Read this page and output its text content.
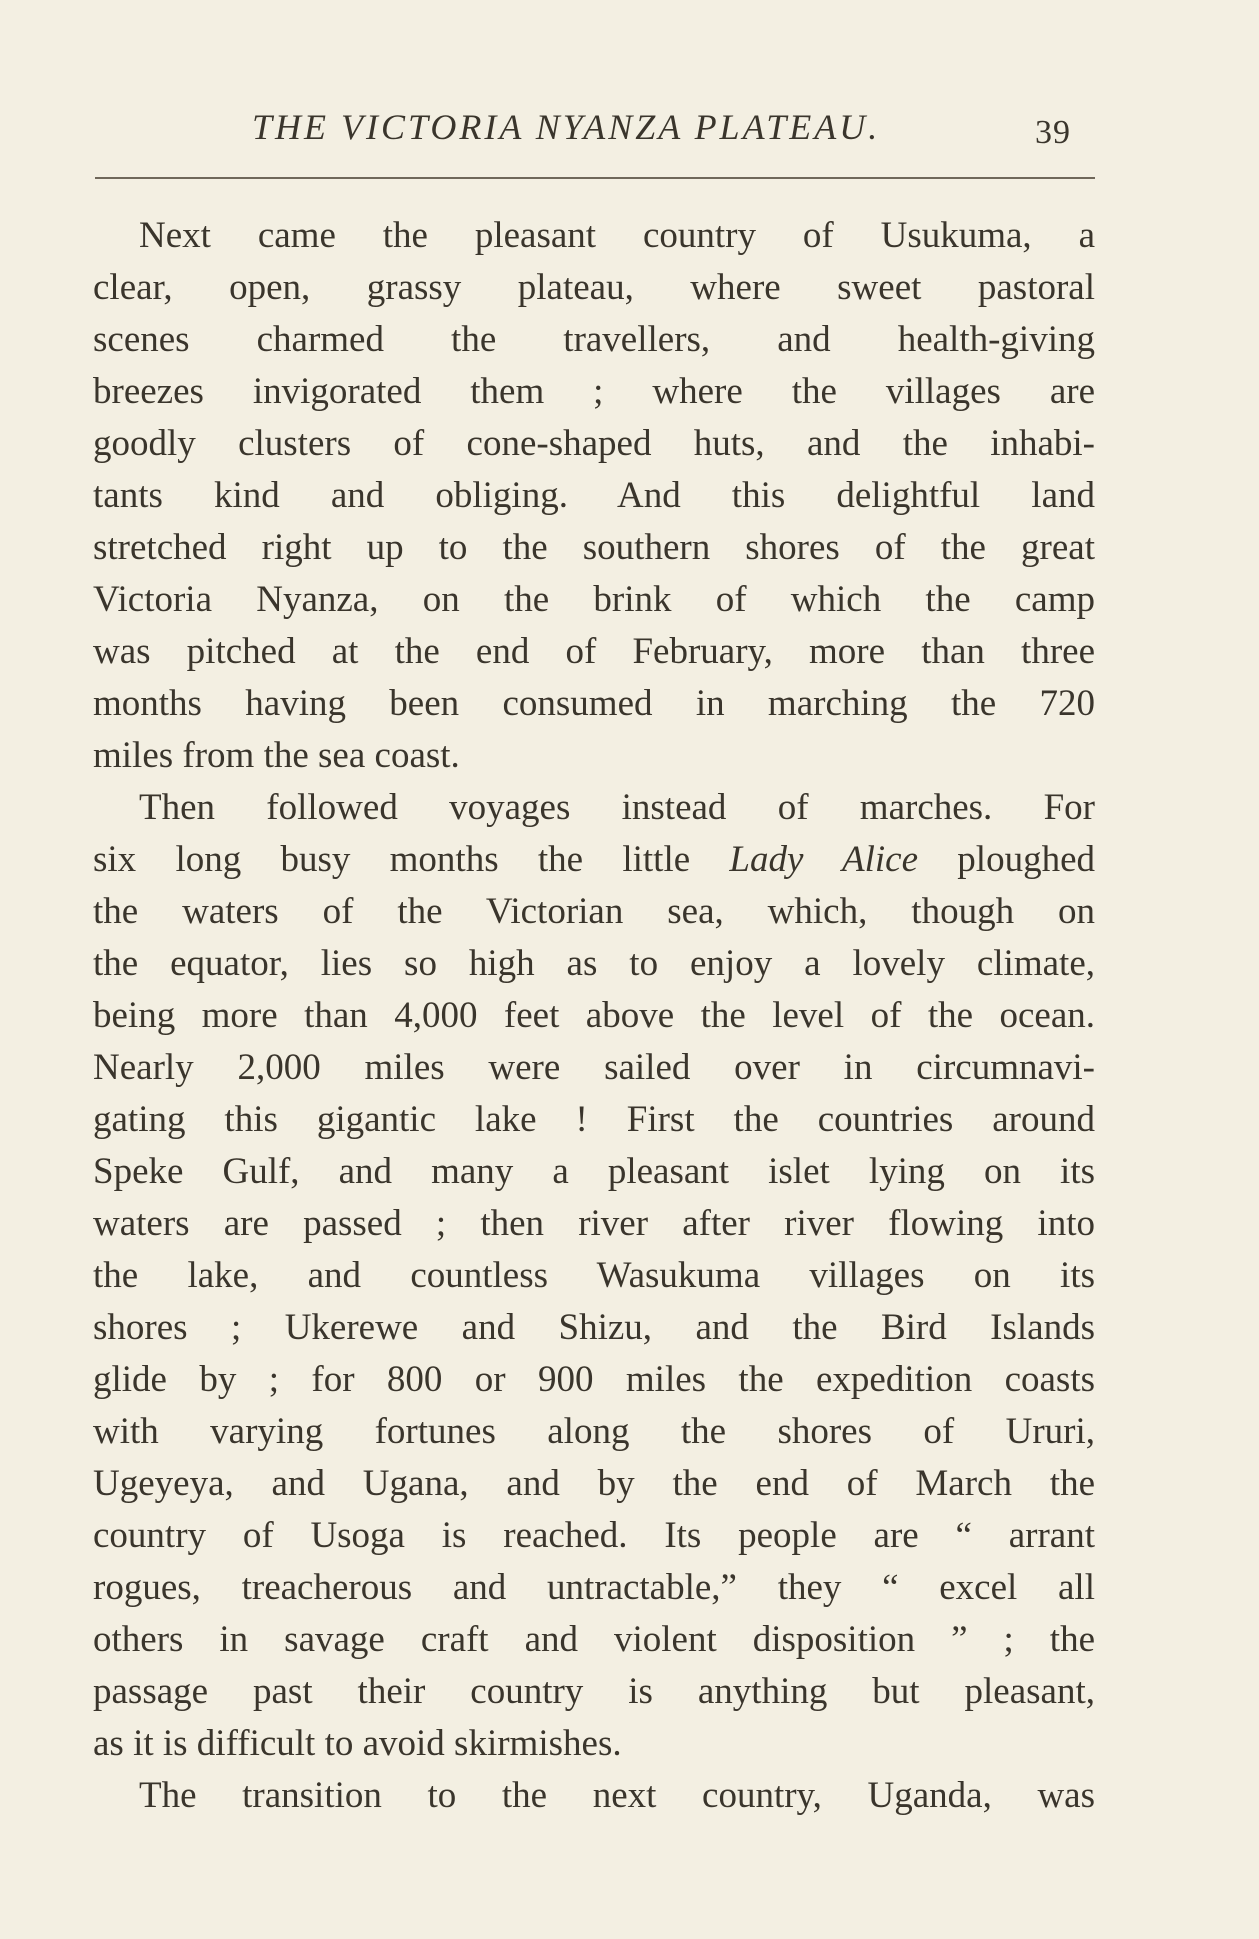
THE VICTORIA NYANZA PLATEAU.	39
Next came the pleasant country of Usukuma, a
clear, open, grassy plateau, where sweet pastoral
scenes charmed the travellers, and health-giving
breezes invigorated them ; where the villages are
goodly clusters of cone-shaped huts, and the inhabi-
tants kind and obliging. And this delightful land
stretched right up to the southern shores of the great
Victoria Nyanza, on the brink of which the camp
was pitched at the end of February, more than three
months having been consumed in marching the 720
miles from the sea coast.
Then followed voyages instead of marches. For
six long busy months the little Lady Alice ploughed
the waters of the Victorian sea, which, though on
the equator, lies so high as to enjoy a lovely climate,
being more than 4,000 feet above the level of the ocean.
Nearly 2,000 miles were sailed over in circumnavi-
gating this gigantic lake ! First the countries around
Speke Gulf, and many a pleasant islet lying on its
waters are passed ; then river after river flowing into
the lake, and countless Wasukuma villages on its
shores ; Ukerewe and Shizu, and the Bird Islands
glide by ; for 800 or 900 miles the expedition coasts
with varying fortunes along the shores of Ururi,
Ugeyeya, and Ugana, and by the end of March the
country of Usoga is reached. Its people are “ arrant
rogues, treacherous and untractable,” they “ excel all
others in savage craft and violent disposition ” ; the
passage past their country is anything but pleasant,
as it is difficult to avoid skirmishes.
The transition to the next country, Uganda, was
